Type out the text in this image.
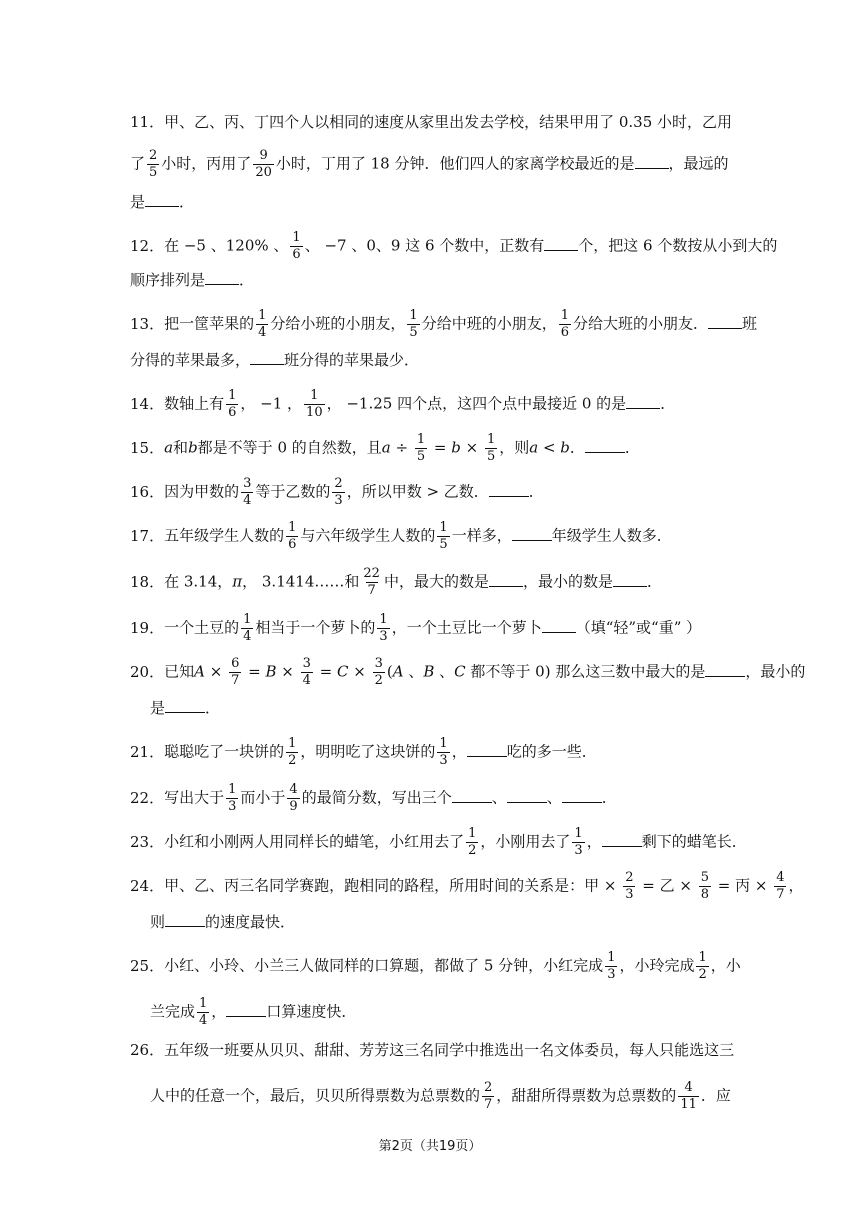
11．甲、乙、丙、丁四个人以相同的速度从家里出发去学校，结果甲用了 0.35 小时，乙用
了 $\frac{2}{5}$ 小时，丙用了 $\frac{9}{20}$ 小时，丁用了 18 分钟．他们四人的家离学校最近的是 ，最远的
是 ．
12．在 −5 、120% 、 $\frac{1}{6}$ 、 −7 、0、9 这 6 个数中，正数有 个，把这 6 个数按从小到大的
顺序排列是 ．
13．把一筐苹果的 $\frac{1}{4}$ 分给小班的小朋友， $\frac{1}{5}$ 分给中班的小朋友， $\frac{1}{6}$ 分给大班的小朋友． 班
分得的苹果最多， 班分得的苹果最少．
14．数轴上有 $\frac{1}{6}$ ， −1 ， $\frac{1}{10}$ ， −1.25 四个点，这四个点中最接近 0 的是 ．
15．a和b都是不等于 0 的自然数，且$a \div \frac{1}{5} = b \times \frac{1}{5}$ ，则a < b．	．
16．因为甲数的 $\frac{3}{4}$ 等于乙数的 $\frac{2}{3}$ ，所以甲数 > 乙数．	．
17．五年级学生人数的 $\frac{1}{6}$ 与六年级学生人数的 $\frac{1}{5}$ 一样多，	年级学生人数多．
18．在 3.14，π， 3.1414……和 $\frac{22}{7}$ 中，最大的数是 ，最小的数是 ．
19．一个土豆的 $\frac{1}{4}$ 相当于一个萝卜的 $\frac{1}{3}$ ，一个土豆比一个萝卜 （填“轻”或“重” ）
20．已知$A \times \frac{6}{7} = B \times \frac{3}{4} = C \times \frac{3}{2} (A$ 、B 、C 都不等于 0) 那么这三数中最大的是	，最小的
是	．
21．聪聪吃了一块饼的 $\frac{1}{2}$ ，明明吃了这块饼的 $\frac{1}{3}$ ，	吃的多一些．
22．写出大于 $\frac{1}{3}$ 而小于 $\frac{4}{9}$ 的最简分数，写出三个	、	、	．
23．小红和小刚两人用同样长的蜡笔，小红用去了 $\frac{1}{2}$ ，小刚用去了 $\frac{1}{3}$ ，	剩下的蜡笔长．
24．甲、乙、丙三名同学赛跑，跑相同的路程，所用时间的关系是：甲 × $\frac{2}{3}$ = 乙 × $\frac{5}{8}$ = 丙 × $\frac{4}{7}$ ，
则	的速度最快．
25．小红、小玲、小兰三人做同样的口算题，都做了 5 分钟，小红完成 $\frac{1}{3}$ ，小玲完成 $\frac{1}{2}$ ，小
兰完成 $\frac{1}{4}$ ，	口算速度快．
26．五年级一班要从贝贝、甜甜、芳芳这三名同学中推选出一名文体委员，每人只能选这三
人中的任意一个，最后，贝贝所得票数为总票数的 $\frac{2}{7}$ ，甜甜所得票数为总票数的 $\frac{4}{11}$ ．应
第2页（共19页）
